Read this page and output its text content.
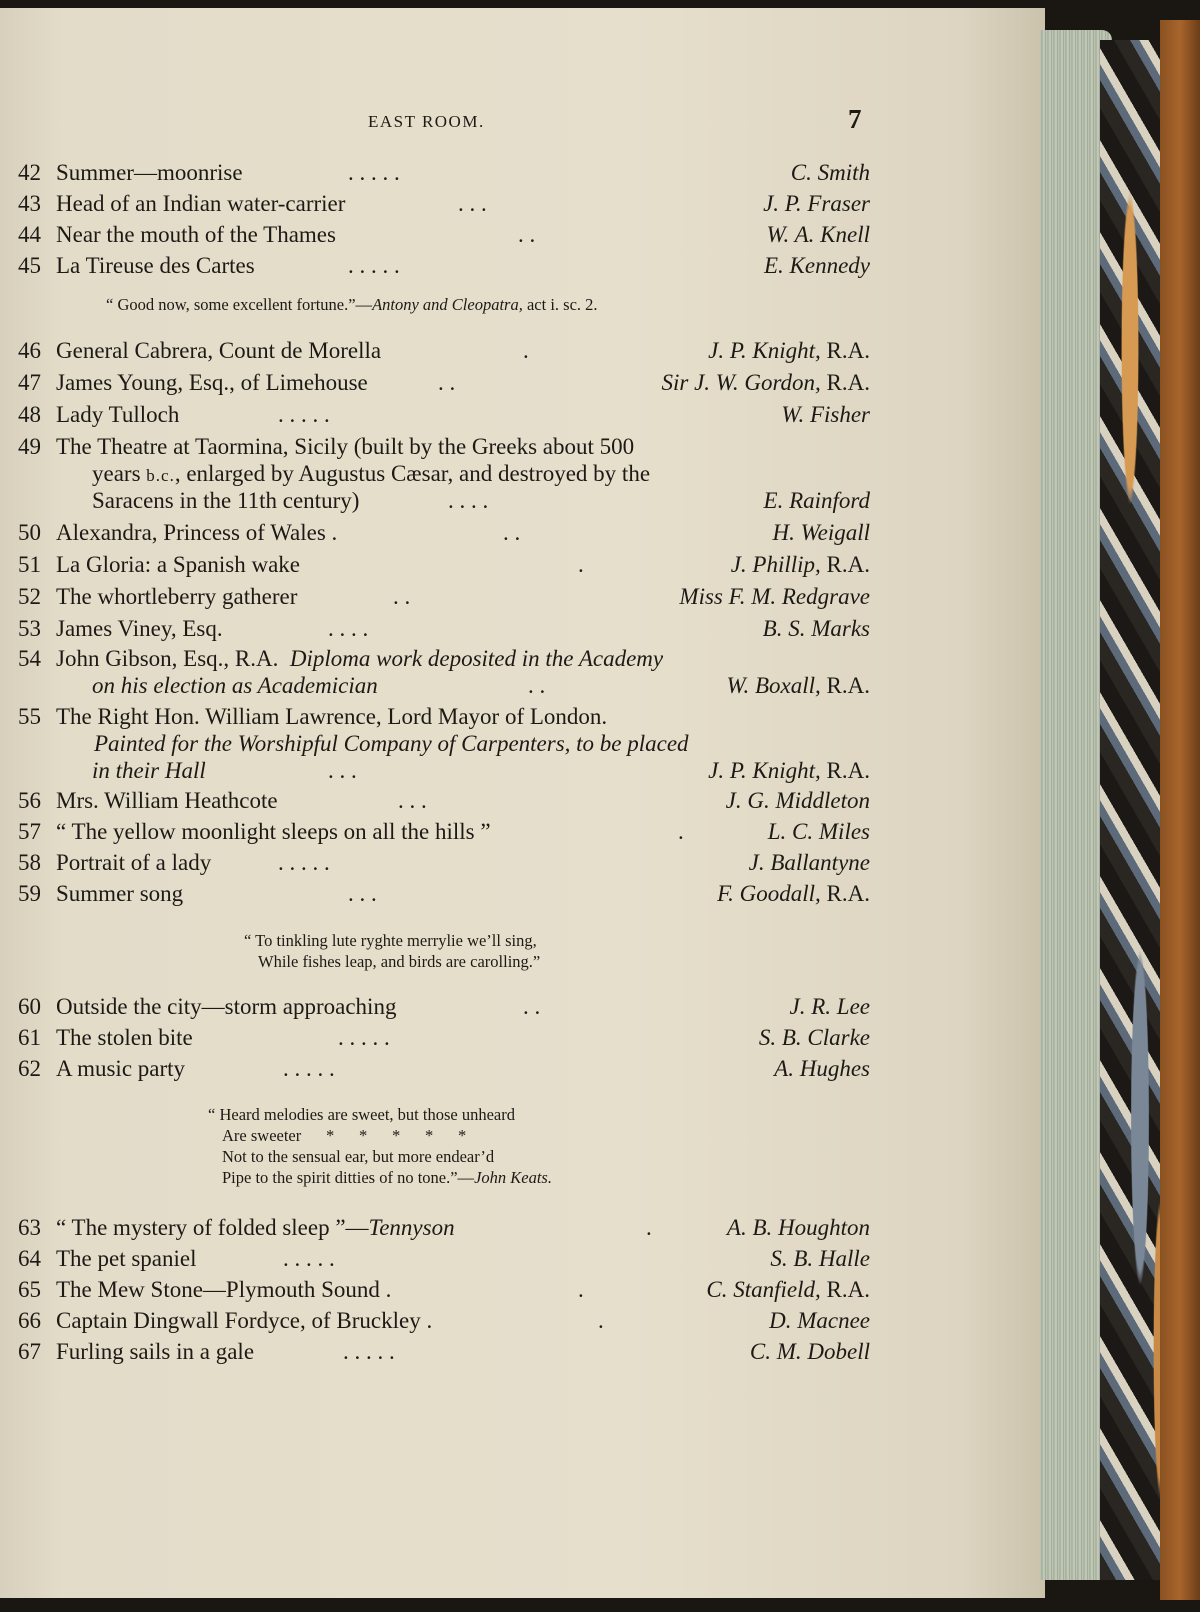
EAST ROOM.	7
42 Summer—moonrise	. . . . .	C. Smith
43 Head of an Indian water-carrier	. . .	J. P. Fraser
44 Near the mouth of the Thames	. .	W. A. Knell
45 La Tireuse des Cartes	. . . . .	E. Kennedy
“ Good now, some excellent fortune.”—Antony and Cleopatra, act i. sc. 2.
46 General Cabrera, Count de Morella	.	J. P. Knight, R.A.
47 James Young, Esq., of Limehouse	. .	Sir J. W. Gordon, R.A.
48 Lady Tulloch	. . . . .	W. Fisher
49 The Theatre at Taormina, Sicily (built by the Greeks about 500
years b.c., enlarged by Augustus Cæsar, and destroyed by the
Saracens in the 11th century)	. . . .	E. Rainford
50 Alexandra, Princess of Wales .	. .	H. Weigall
51 La Gloria: a Spanish wake	.	J. Phillip, R.A.
52 The whortleberry gatherer	. .	Miss F. M. Redgrave
53 James Viney, Esq.	. . . .	B. S. Marks
54 John Gibson, Esq., R.A. Diploma work deposited in the Academy
on his election as Academician	. .	W. Boxall, R.A.
55 The Right Hon. William Lawrence, Lord Mayor of London.
Painted for the Worshipful Company of Carpenters, to be placed
in their Hall	. . .	J. P. Knight, R.A.
56 Mrs. William Heathcote	. . .	J. G. Middleton
57 “ The yellow moonlight sleeps on all the hills ”	.	L. C. Miles
58 Portrait of a lady	. . . . .	J. Ballantyne
59 Summer song	. . .	F. Goodall, R.A.
“ To tinkling lute ryghte merrylie we’ll sing,
While fishes leap, and birds are carolling.”
60 Outside the city—storm approaching	. .	J. R. Lee
61 The stolen bite	. . . . .	S. B. Clarke
62 A music party	. . . . .	A. Hughes
“ Heard melodies are sweet, but those unheard
Are sweeter      *      *      *      *      *
Not to the sensual ear, but more endear’d
Pipe to the spirit ditties of no tone.”—John Keats.
63 “ The mystery of folded sleep ”—Tennyson	.	A. B. Houghton
64 The pet spaniel	. . . . .	S. B. Halle
65 The Mew Stone—Plymouth Sound .	.	C. Stanfield, R.A.
66 Captain Dingwall Fordyce, of Bruckley .	.	D. Macnee
67 Furling sails in a gale	. . . . .	C. M. Dobell
